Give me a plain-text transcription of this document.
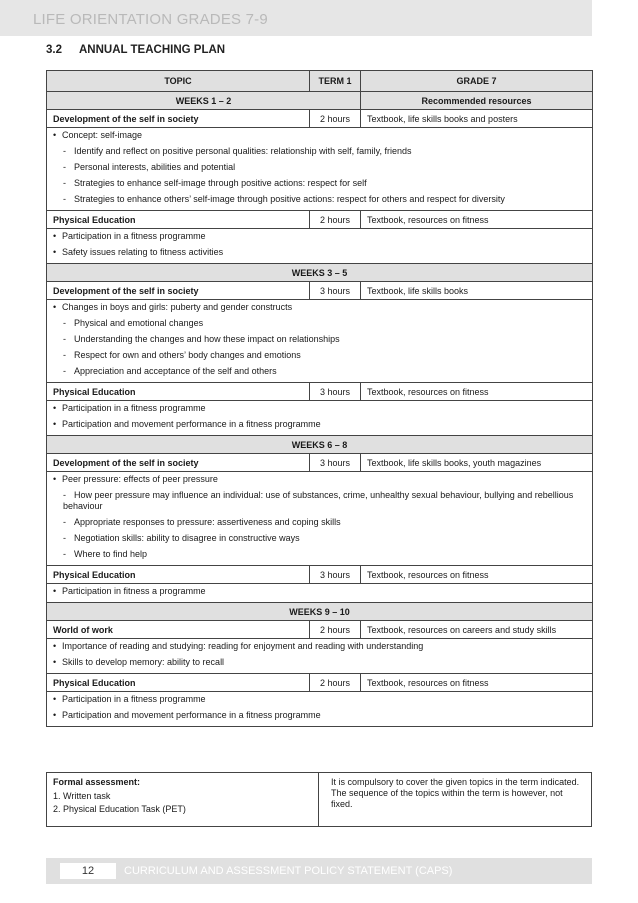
LIFE ORIENTATION GRADES 7-9
3.2 ANNUAL TEACHING PLAN
TOPIC	TERM 1	GRADE 7
WEEKS 1 – 2		Recommended resources
Development of the self in society	2 hours	Textbook, life skills books and posters

• Concept: self-image
- Identify and reflect on positive personal qualities: relationship with self, family, friends
- Personal interests, abilities and potential
- Strategies to enhance self-image through positive actions: respect for self
- Strategies to enhance others’ self-image through positive actions: respect for others and respect for diversity		

Physical Education	2 hours	Textbook, resources on fitness

• Participation in a fitness programme
• Safety issues relating to fitness activities		

WEEKS 3 – 5		
Development of the self in society	3 hours	Textbook, life skills books

• Changes in boys and girls: puberty and gender constructs
- Physical and emotional changes
- Understanding the changes and how these impact on relationships
- Respect for own and others’ body changes and emotions
- Appreciation and acceptance of the self and others		

Physical Education	3 hours	Textbook, resources on fitness

• Participation in a fitness programme
• Participation and movement performance in a fitness programme		

WEEKS 6 – 8		
Development of the self in society	3 hours	Textbook, life skills books, youth magazines

• Peer pressure: effects of peer pressure
- How peer pressure may influence an individual: use of substances, crime, unhealthy sexual behaviour, bullying and rebellious behaviour
- Appropriate responses to pressure: assertiveness and coping skills
- Negotiation skills: ability to disagree in constructive ways
- Where to find help		

Physical Education	3 hours	Textbook, resources on fitness

• Participation in fitness a programme		

WEEKS 9 – 10		
World of work	2 hours	Textbook, resources on careers and study skills

• Importance of reading and studying: reading for enjoyment and reading with understanding
• Skills to develop memory: ability to recall		

Physical Education	2 hours	Textbook, resources on fitness

• Participation in a fitness programme
• Participation and movement performance in a fitness programme		
Formal assessment:
1. Written task
2. Physical Education Task (PET)
It is compulsory to cover the given topics in the term indicated. The sequence of the topics within the term is however, not fixed.
12	CURRICULUM AND ASSESSMENT POLICY STATEMENT (CAPS)
